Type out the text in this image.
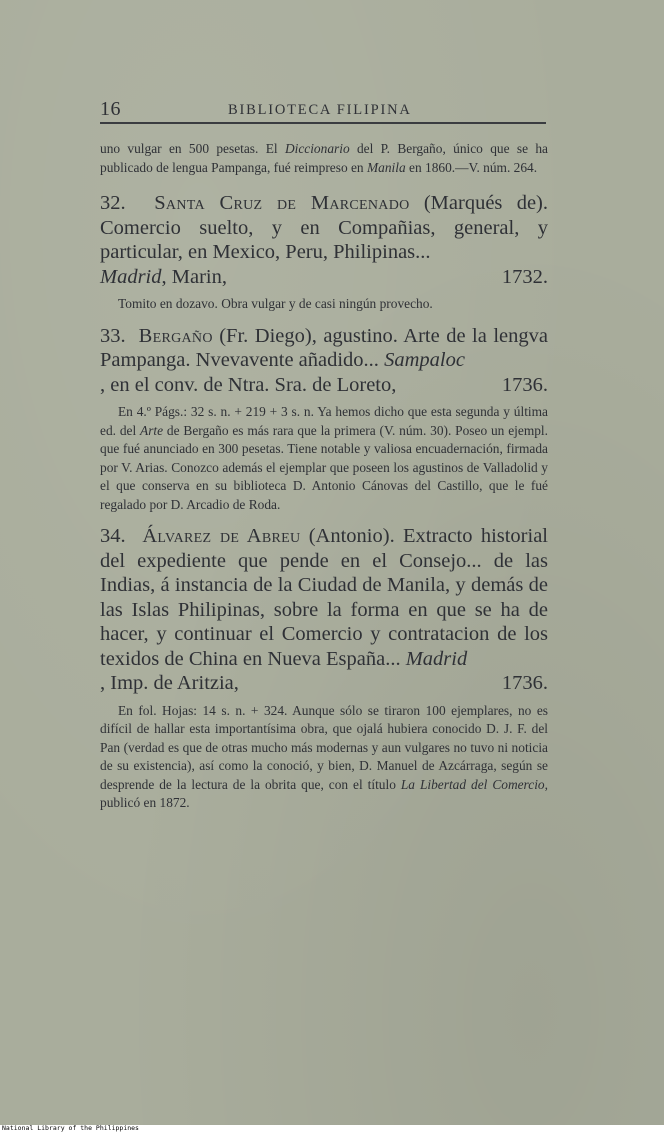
16	BIBLIOTECA FILIPINA

uno vulgar en 500 pesetas. El Diccionario del P. Bergaño, único que se ha publicado de lengua Pampanga, fué reimpreso en Manila en 1860.—V. núm. 264.

32. Santa Cruz de Marcenado (Marqués de). Comercio suelto, y en Compañias, general, y particular, en Mexico, Peru, Philipinas...
Madrid, Marin,	1732.

Tomito en dozavo. Obra vulgar y de casi ningún provecho.

33. Bergaño (Fr. Diego), agustino. Arte de la lengva Pampanga. Nvevavente añadido... Sampaloc
, en el conv. de Ntra. Sra. de Loreto,	1736.

En 4.º Págs.: 32 s. n. + 219 + 3 s. n. Ya hemos dicho que esta segunda y última ed. del Arte de Bergaño es más rara que la primera (V. núm. 30). Poseo un ejempl. que fué anunciado en 300 pesetas. Tiene notable y valiosa encuadernación, firmada por V. Arias. Conozco además el ejemplar que poseen los agustinos de Valladolid y el que conserva en su biblioteca D. Antonio Cánovas del Castillo, que le fué regalado por D. Arcadio de Roda.

34. Álvarez de Abreu (Antonio). Extracto historial del expediente que pende en el Consejo... de las Indias, á instancia de la Ciudad de Manila, y demás de las Islas Philipinas, sobre la forma en que se ha de hacer, y continuar el Comercio y contratacion de los texidos de China en Nueva España... Madrid
, Imp. de Aritzia,	1736.

En fol. Hojas: 14 s. n. + 324. Aunque sólo se tiraron 100 ejemplares, no es difícil de hallar esta importantísima obra, que ojalá hubiera conocido D. J. F. del Pan (verdad es que de otras mucho más modernas y aun vulgares no tuvo ni noticia de su existencia), así como la conoció, y bien, D. Manuel de Azcárraga, según se desprende de la lectura de la obrita que, con el título La Libertad del Comercio, publicó en 1872.

National Library of the Philippines
